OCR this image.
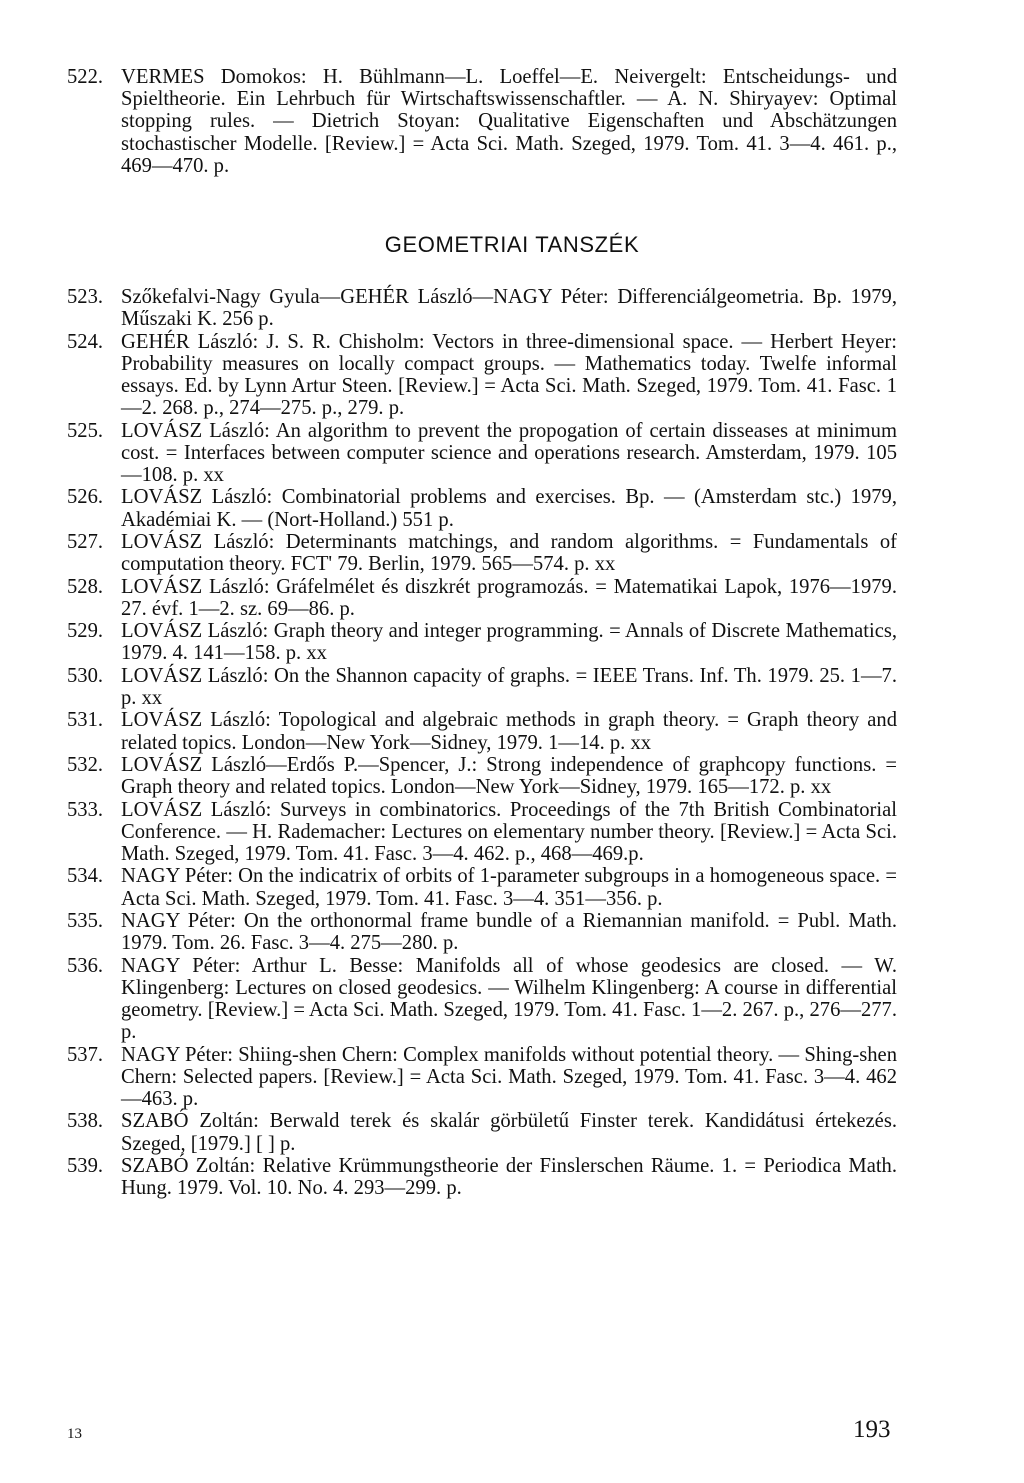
522. VERMES Domokos: H. Bühlmann—L. Loeffel—E. Neivergelt: Entscheidungs- und Spieltheorie. Ein Lehrbuch für Wirtschaftswissenschaftler. — A. N. Shiryayev: Optimal stopping rules. — Dietrich Stoyan: Qualitative Eigenschaften und Abschätzungen stochastischer Modelle. [Review.] = Acta Sci. Math. Szeged, 1979. Tom. 41. 3—4. 461. p., 469—470. p.
GEOMETRIAI TANSZÉK
523. Szőkefalvi-Nagy Gyula—GEHÉR László—NAGY Péter: Differenciálgeometria. Bp. 1979, Műszaki K. 256 p.
524. GEHÉR László: J. S. R. Chisholm: Vectors in three-dimensional space. — Herbert Heyer: Probability measures on locally compact groups. — Mathematics today. Twelfe informal essays. Ed. by Lynn Artur Steen. [Review.] = Acta Sci. Math. Szeged, 1979. Tom. 41. Fasc. 1—2. 268. p., 274—275. p., 279. p.
525. LOVÁSZ László: An algorithm to prevent the propogation of certain disseases at minimum cost. = Interfaces between computer science and operations research. Amsterdam, 1979. 105—108. p. xx
526. LOVÁSZ László: Combinatorial problems and exercises. Bp. — (Amsterdam stc.) 1979, Akadémiai K. — (Nort-Holland.) 551 p.
527. LOVÁSZ László: Determinants matchings, and random algorithms. = Fundamentals of computation theory. FCT' 79. Berlin, 1979. 565—574. p. xx
528. LOVÁSZ László: Gráfelmélet és diszkrét programozás. = Matematikai Lapok, 1976—1979. 27. évf. 1—2. sz. 69—86. p.
529. LOVÁSZ László: Graph theory and integer programming. = Annals of Discrete Mathematics, 1979. 4. 141—158. p. xx
530. LOVÁSZ László: On the Shannon capacity of graphs. = IEEE Trans. Inf. Th. 1979. 25. 1—7. p. xx
531. LOVÁSZ László: Topological and algebraic methods in graph theory. = Graph theory and related topics. London—New York—Sidney, 1979. 1—14. p. xx
532. LOVÁSZ László—Erdős P.—Spencer, J.: Strong independence of graphcopy functions. = Graph theory and related topics. London—New York—Sidney, 1979. 165—172. p. xx
533. LOVÁSZ László: Surveys in combinatorics. Proceedings of the 7th British Combinatorial Conference. — H. Rademacher: Lectures on elementary number theory. [Review.] = Acta Sci. Math. Szeged, 1979. Tom. 41. Fasc. 3—4. 462. p., 468—469.p.
534. NAGY Péter: On the indicatrix of orbits of 1-parameter subgroups in a homogeneous space. = Acta Sci. Math. Szeged, 1979. Tom. 41. Fasc. 3—4. 351—356. p.
535. NAGY Péter: On the orthonormal frame bundle of a Riemannian manifold. = Publ. Math. 1979. Tom. 26. Fasc. 3—4. 275—280. p.
536. NAGY Péter: Arthur L. Besse: Manifolds all of whose geodesics are closed. — W. Klingenberg: Lectures on closed geodesics. — Wilhelm Klingenberg: A course in differential geometry. [Review.] = Acta Sci. Math. Szeged, 1979. Tom. 41. Fasc. 1—2. 267. p., 276—277. p.
537. NAGY Péter: Shiing-shen Chern: Complex manifolds without potential theory. — Shing-shen Chern: Selected papers. [Review.] = Acta Sci. Math. Szeged, 1979. Tom. 41. Fasc. 3—4. 462—463. p.
538. SZABÓ Zoltán: Berwald terek és skalár görbületű Finster terek. Kandidátusi értekezés. Szeged, [1979.] [ ] p.
539. SZABÓ Zoltán: Relative Krümmungstheorie der Finslerschen Räume. 1. = Periodica Math. Hung. 1979. Vol. 10. No. 4. 293—299. p.
13	193
